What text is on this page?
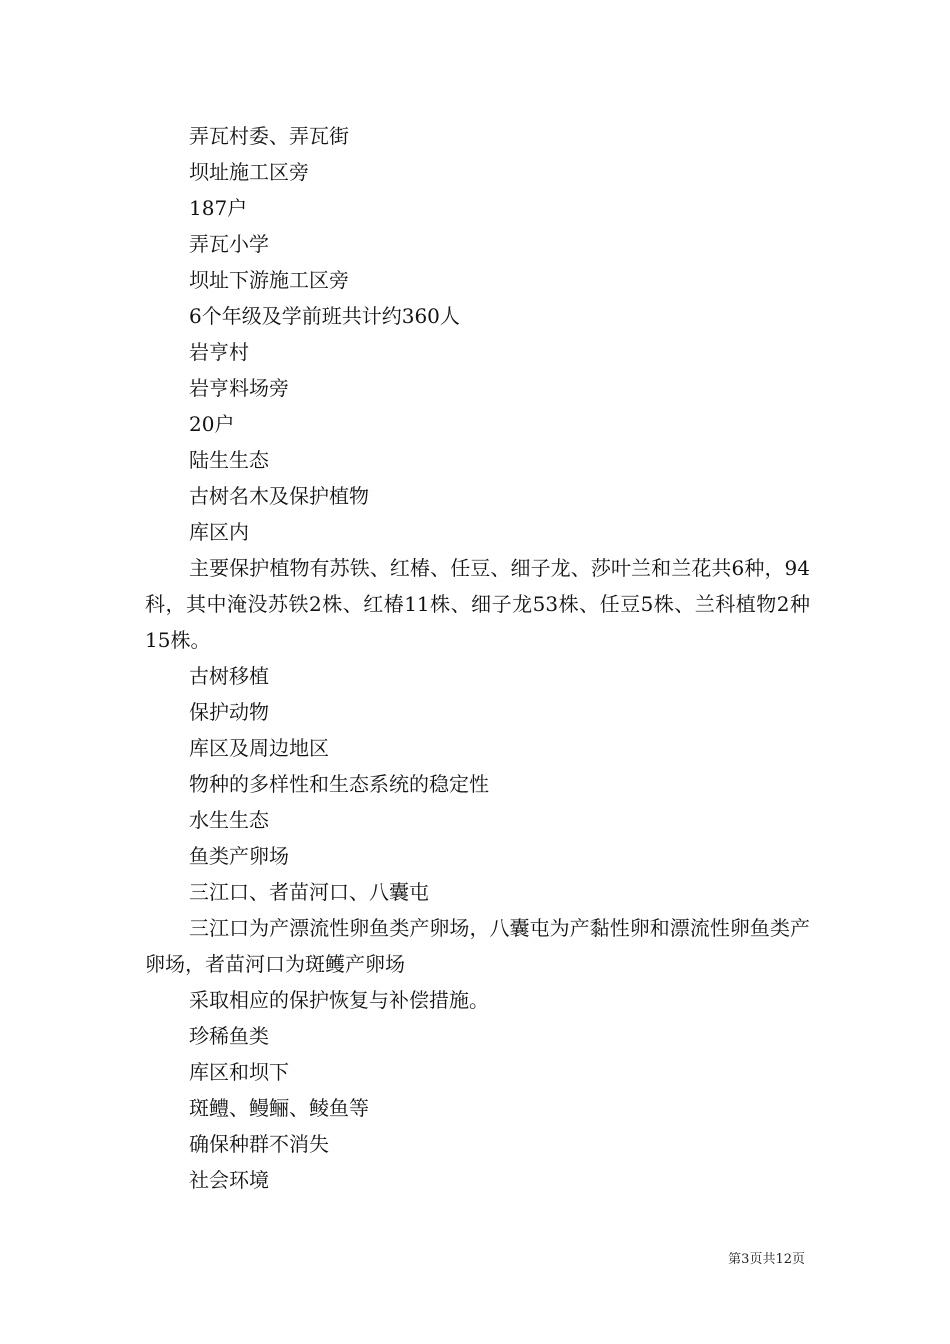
弄瓦村委、弄瓦街

坝址施工区旁

187户

弄瓦小学

坝址下游施工区旁

6个年级及学前班共计约360人

岩亨村

岩亨料场旁

20户

陆生生态

古树名木及保护植物

库区内

主要保护植物有苏铁、红椿、任豆、细子龙、莎叶兰和兰花共6种，94科，其中淹没苏铁2株、红椿11株、细子龙53株、任豆5株、兰科植物2种15株。

古树移植

保护动物

库区及周边地区

物种的多样性和生态系统的稳定性

水生生态

鱼类产卵场

三江口、者苗河口、八囊屯

三江口为产漂流性卵鱼类产卵场，八囊屯为产黏性卵和漂流性卵鱼类产卵场，者苗河口为斑鳠产卵场

采取相应的保护恢复与补偿措施。

珍稀鱼类

库区和坝下

斑鳢、鳗鲡、鲮鱼等

确保种群不消失

社会环境

第3页共12页
